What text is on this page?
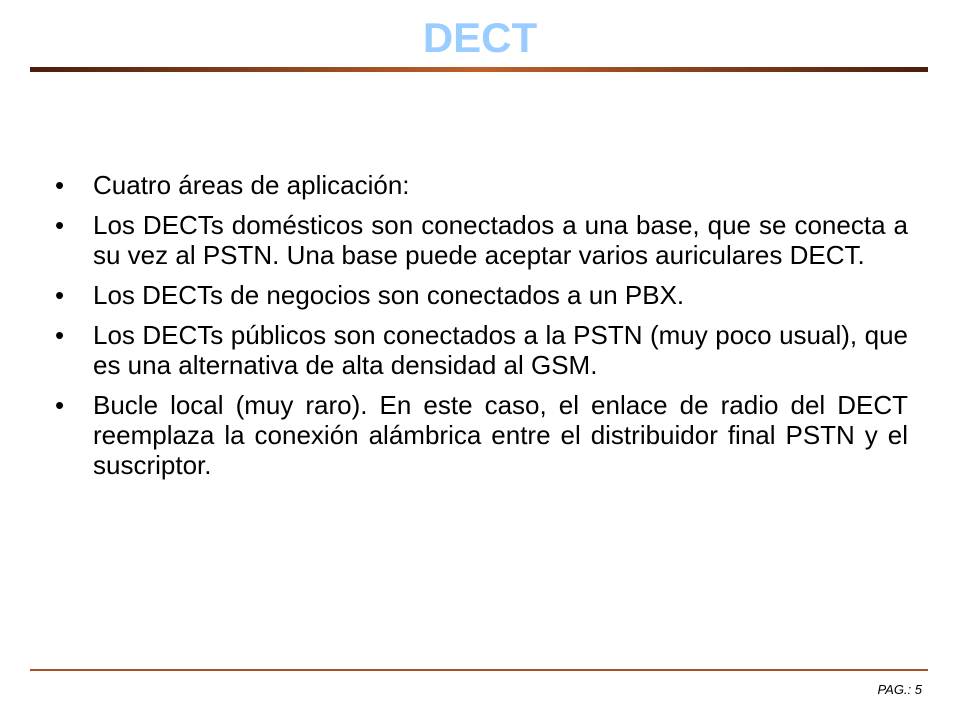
DECT
•	Cuatro áreas de aplicación:
•	Los DECTs domésticos son conectados a una base, que se conecta a su vez al PSTN. Una base puede aceptar varios auriculares DECT.
•	Los DECTs de negocios son conectados a un PBX.
•	Los DECTs públicos son conectados a la PSTN (muy poco usual), que es una alternativa de alta densidad al GSM.
•	Bucle local (muy raro). En este caso, el enlace de radio del DECT reemplaza la conexión alámbrica entre el distribuidor final PSTN y el suscriptor.
PAG.: 5
